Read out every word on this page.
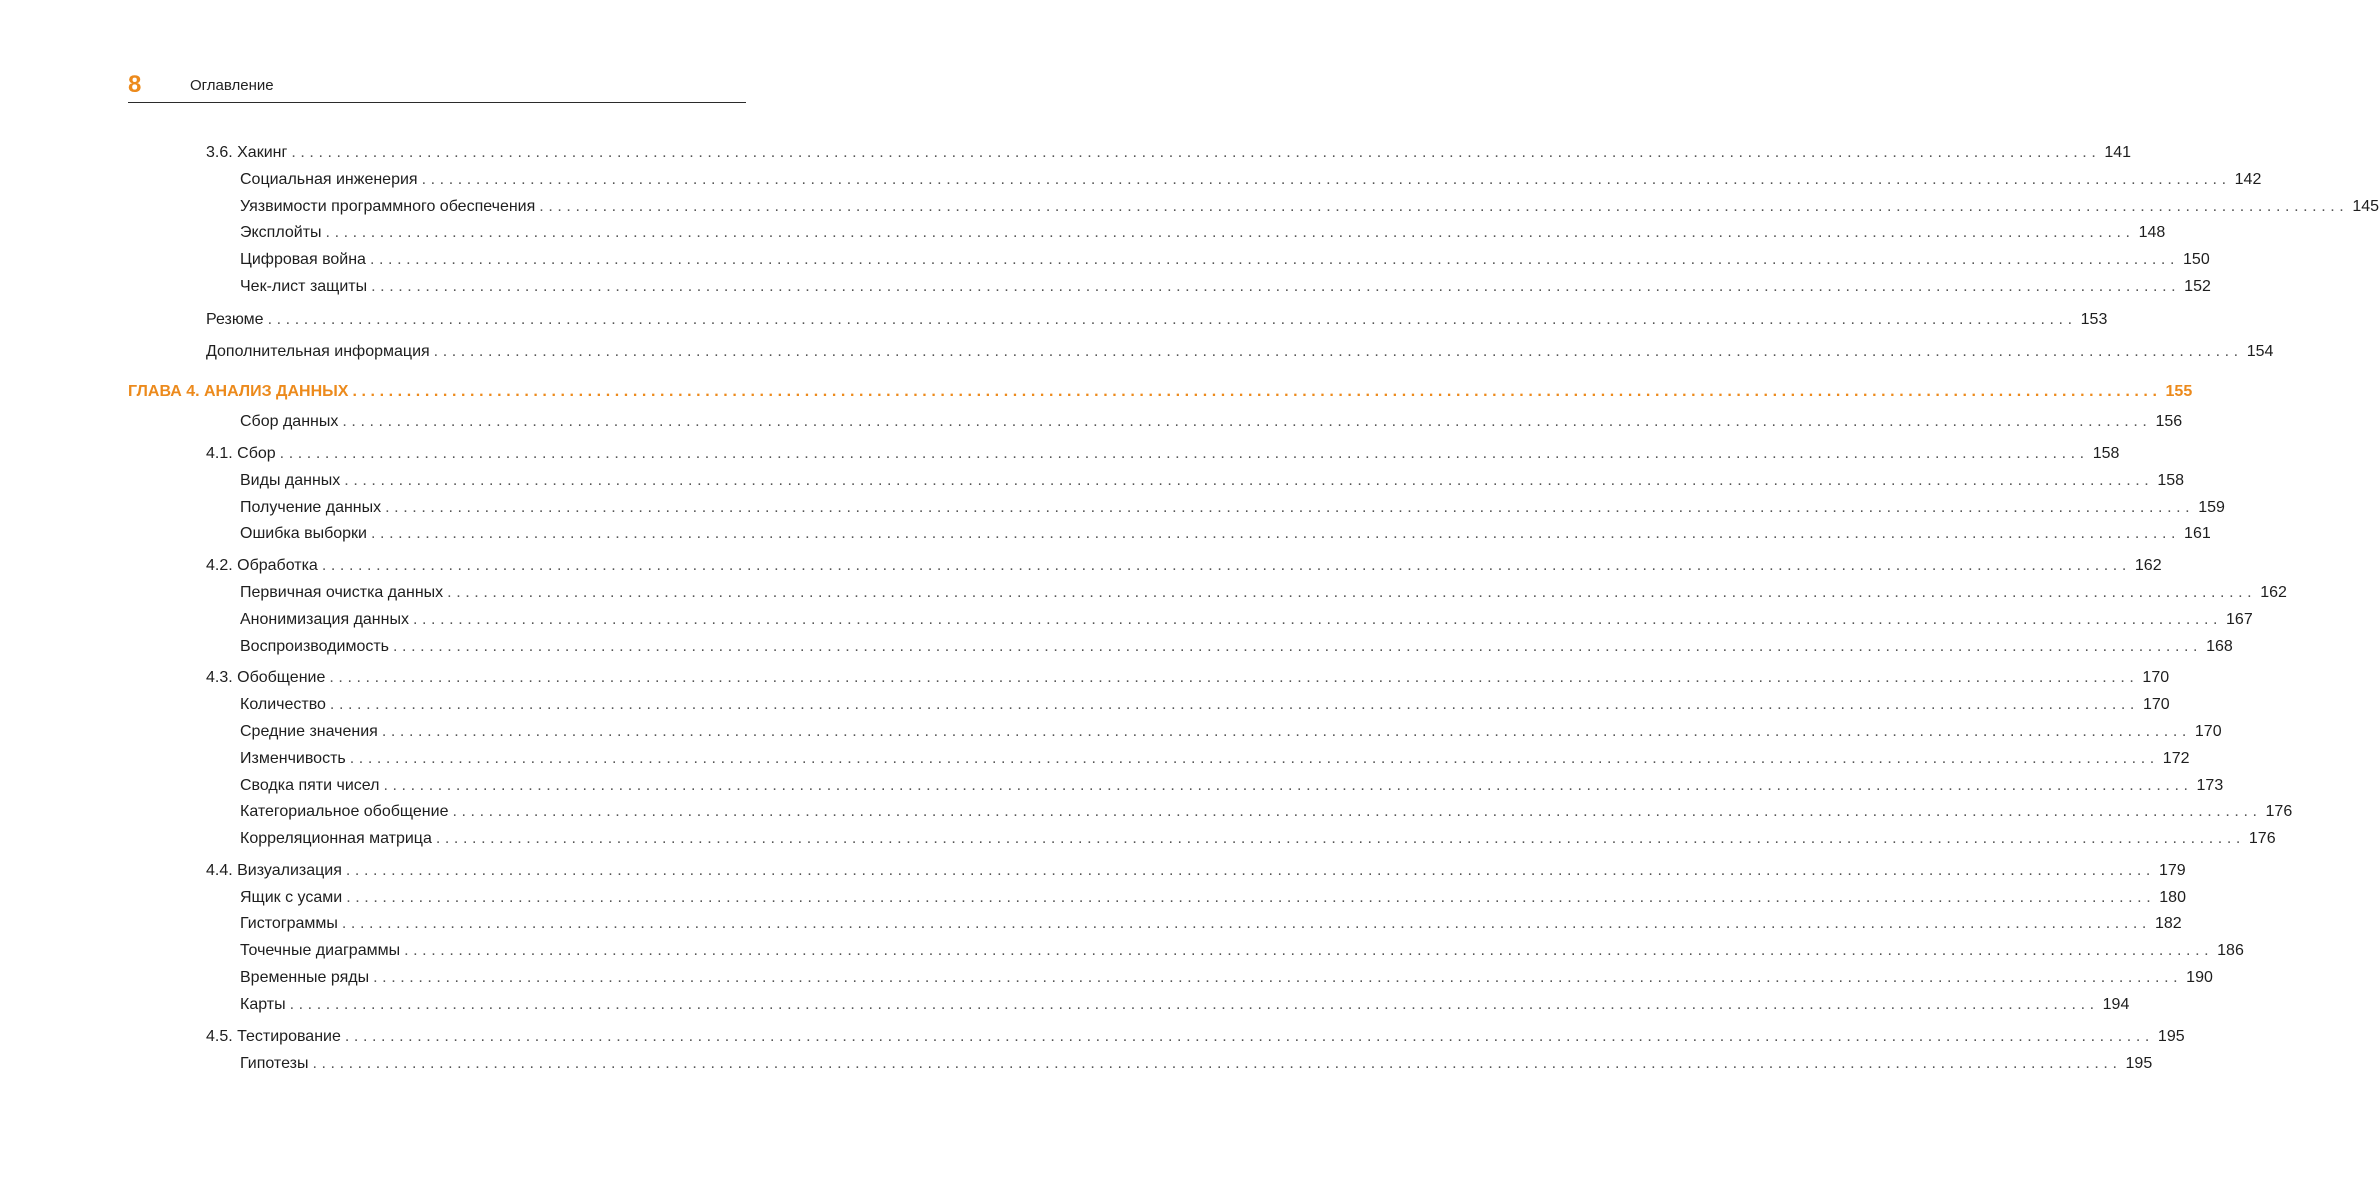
8	Оглавление
3.6. Хакинг ........................................................................................................................................................................................................ 141
Социальная инженерия ........................................................................................................................................................................................................ 142
Уязвимости программного обеспечения ........................................................................................................................................................................................................ 145
Эксплойты ........................................................................................................................................................................................................ 148
Цифровая война ........................................................................................................................................................................................................ 150
Чек-лист защиты ........................................................................................................................................................................................................ 152
Резюме ........................................................................................................................................................................................................ 153
Дополнительная информация ........................................................................................................................................................................................................ 154
ГЛАВА 4. АНАЛИЗ ДАННЫХ ........................................................................................................................................................................................................ 155
Сбор данных ........................................................................................................................................................................................................ 156
4.1. Сбор ........................................................................................................................................................................................................ 158
Виды данных ........................................................................................................................................................................................................ 158
Получение данных ........................................................................................................................................................................................................ 159
Ошибка выборки ........................................................................................................................................................................................................ 161
4.2. Обработка ........................................................................................................................................................................................................ 162
Первичная очистка данных ........................................................................................................................................................................................................ 162
Анонимизация данных ........................................................................................................................................................................................................ 167
Воспроизводимость ........................................................................................................................................................................................................ 168
4.3. Обобщение ........................................................................................................................................................................................................ 170
Количество ........................................................................................................................................................................................................ 170
Средние значения ........................................................................................................................................................................................................ 170
Изменчивость ........................................................................................................................................................................................................ 172
Сводка пяти чисел ........................................................................................................................................................................................................ 173
Категориальное обобщение ........................................................................................................................................................................................................ 176
Корреляционная матрица ........................................................................................................................................................................................................ 176
4.4. Визуализация ........................................................................................................................................................................................................ 179
Ящик с усами ........................................................................................................................................................................................................ 180
Гистограммы ........................................................................................................................................................................................................ 182
Точечные диаграммы ........................................................................................................................................................................................................ 186
Временные ряды ........................................................................................................................................................................................................ 190
Карты ........................................................................................................................................................................................................ 194
4.5. Тестирование ........................................................................................................................................................................................................ 195
Гипотезы ........................................................................................................................................................................................................ 195
